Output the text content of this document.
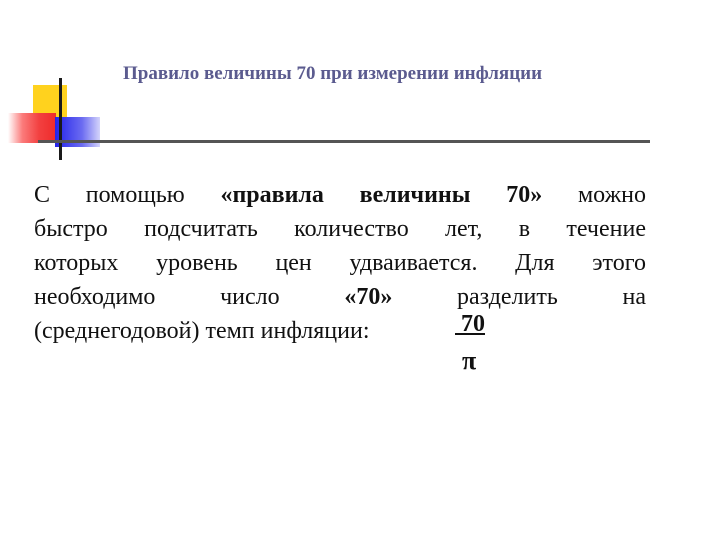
Правило величины 70 при измерении инфляции
С помощью «правила величины 70» можно
быстро подсчитать количество лет, в течение
которых уровень цен удваивается. Для этого
необходимо	число	«70»	разделить	на
(среднегодовой) темп инфляции:	70
π
